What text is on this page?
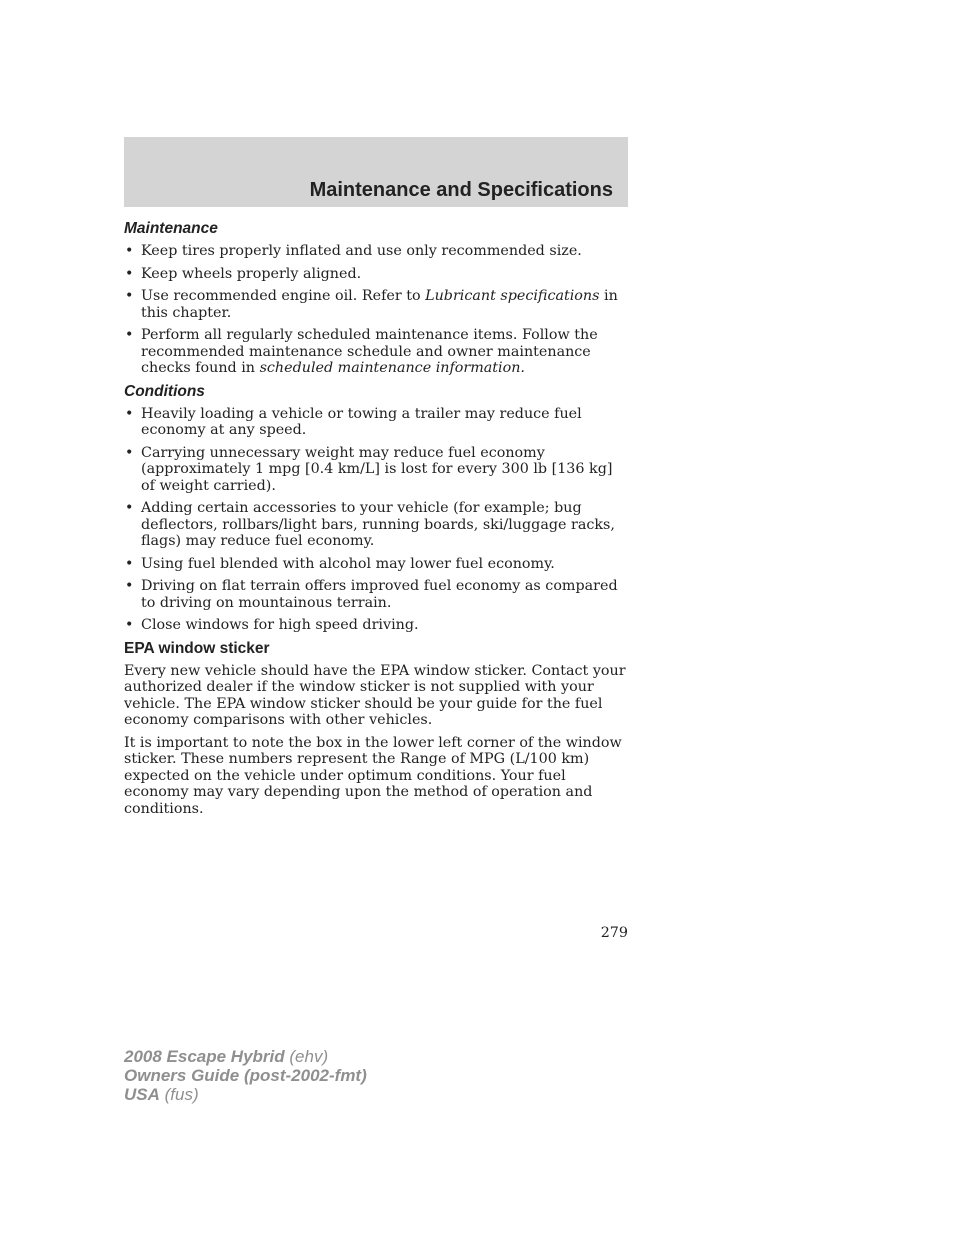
Maintenance and Specifications
Maintenance
• Keep tires properly inflated and use only recommended size.
• Keep wheels properly aligned.
• Use recommended engine oil. Refer to Lubricant specifications in this chapter.
• Perform all regularly scheduled maintenance items. Follow the recommended maintenance schedule and owner maintenance checks found in scheduled maintenance information.
Conditions
• Heavily loading a vehicle or towing a trailer may reduce fuel economy at any speed.
• Carrying unnecessary weight may reduce fuel economy (approximately 1 mpg [0.4 km/L] is lost for every 300 lb [136 kg] of weight carried).
• Adding certain accessories to your vehicle (for example; bug deflectors, rollbars/light bars, running boards, ski/luggage racks, flags) may reduce fuel economy.
• Using fuel blended with alcohol may lower fuel economy.
• Driving on flat terrain offers improved fuel economy as compared to driving on mountainous terrain.
• Close windows for high speed driving.
EPA window sticker

Every new vehicle should have the EPA window sticker. Contact your authorized dealer if the window sticker is not supplied with your vehicle. The EPA window sticker should be your guide for the fuel economy comparisons with other vehicles.

It is important to note the box in the lower left corner of the window sticker. These numbers represent the Range of MPG (L/100 km) expected on the vehicle under optimum conditions. Your fuel economy may vary depending upon the method of operation and conditions.

279
2008 Escape Hybrid (ehv)
Owners Guide (post-2002-fmt)
USA (fus)
